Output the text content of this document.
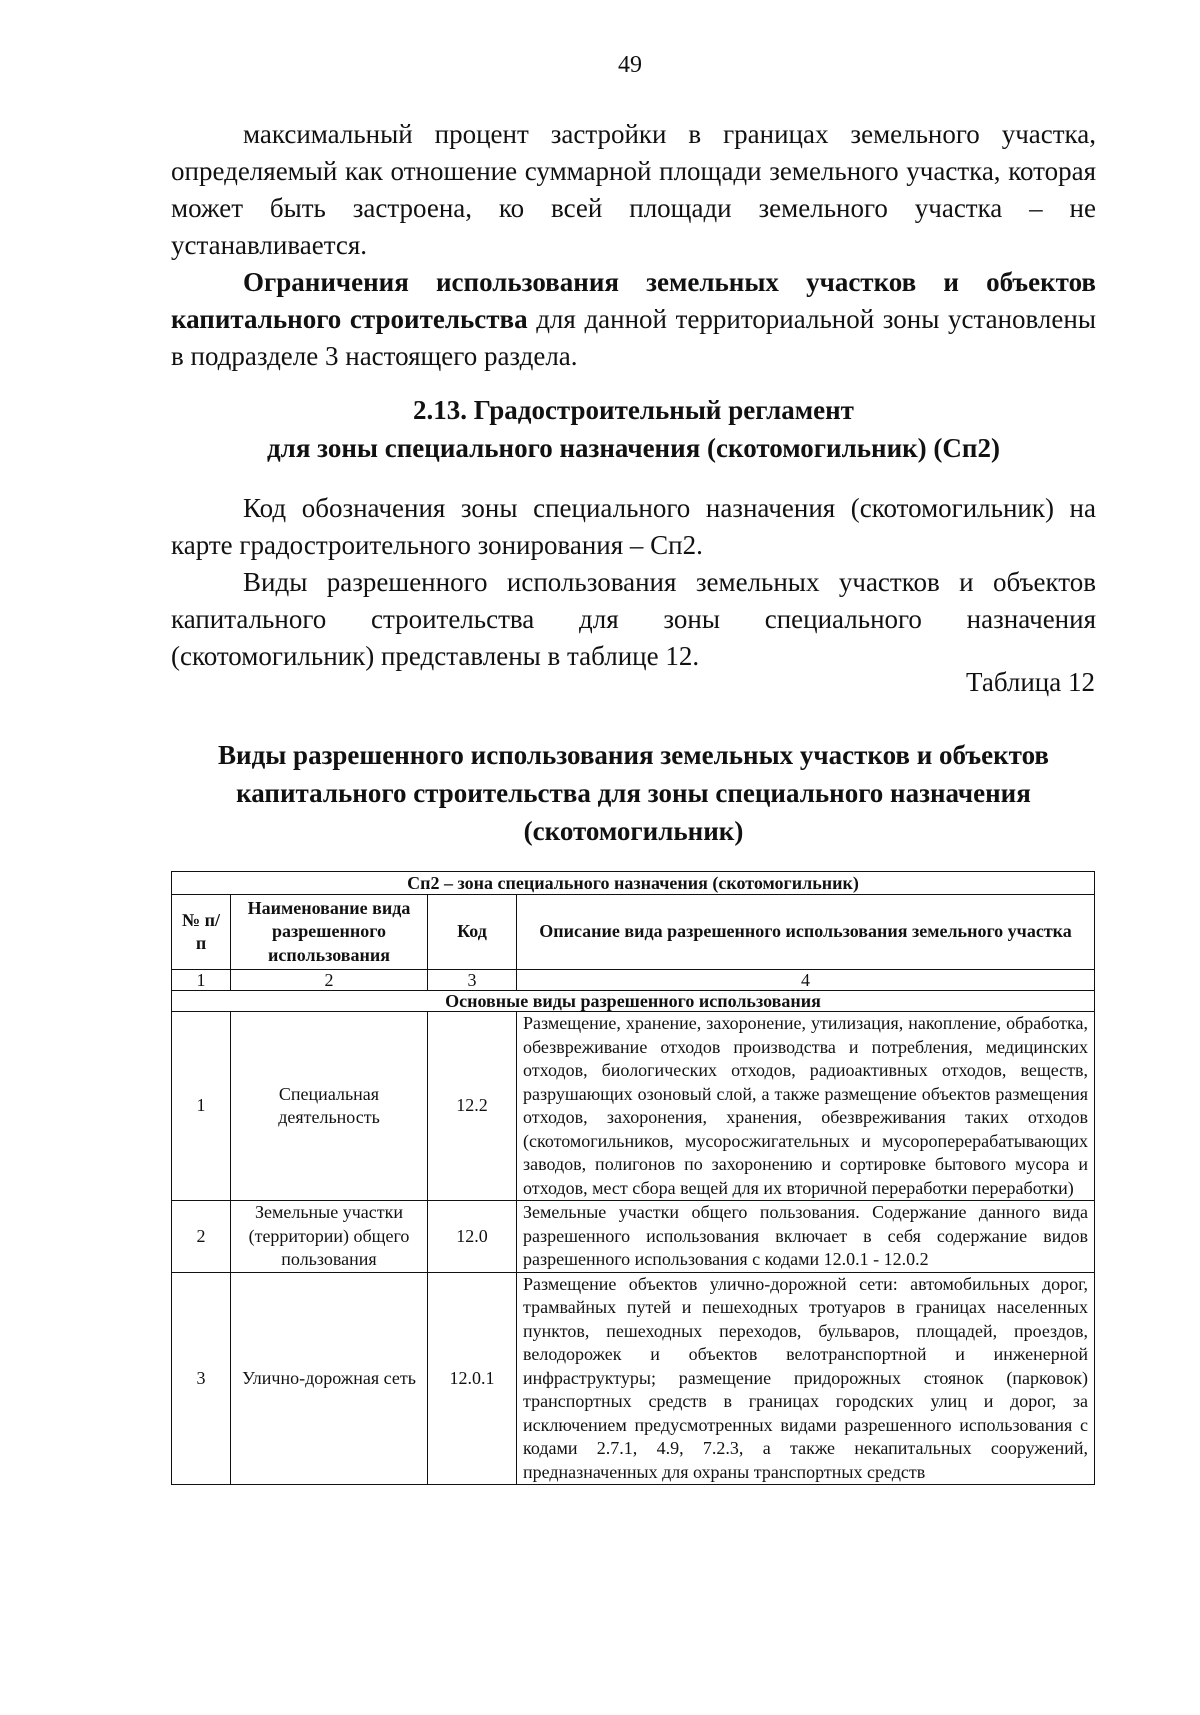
49

максимальный процент застройки в границах земельного участка, определяемый как отношение суммарной площади земельного участка, которая может быть застроена, ко всей площади земельного участка – не устанавливается.

Ограничения использования земельных участков и объектов капитального строительства для данной территориальной зоны установлены в подразделе 3 настоящего раздела.

2.13. Градостроительный регламент
для зоны специального назначения (скотомогильник) (Сп2)

Код обозначения зоны специального назначения (скотомогильник) на карте градостроительного зонирования – Сп2.

Виды разрешенного использования земельных участков и объектов капитального строительства для зоны специального назначения (скотомогильник) представлены в таблице 12.

Таблица 12
Виды разрешенного использования земельных участков и объектов
капитального строительства для зоны специального назначения
(скотомогильник)
Сп2 – зона специального назначения (скотомогильник)			
№ п/п	Наименование вида разрешенного использования	Код	Описание вида разрешенного использования земельного участка
1	2	3	4
Основные виды разрешенного использования			
1	Специальная деятельность	12.2	Размещение, хранение, захоронение, утилизация, накопление, обработка, обезвреживание отходов производства и потребления, медицинских отходов, биологических отходов, радиоактивных отходов, веществ, разрушающих озоновый слой, а также размещение объектов размещения отходов, захоронения, хранения, обезвреживания таких отходов (скотомогильников, мусоросжигательных и мусороперерабатывающих заводов, полигонов по захоронению и сортировке бытового мусора и отходов, мест сбора вещей для их вторичной переработки переработки)
2	Земельные участки (территории) общего пользования	12.0	Земельные участки общего пользования. Содержание данного вида разрешенного использования включает в себя содержание видов разрешенного использования с кодами 12.0.1 - 12.0.2
3	Улично-дорожная сеть	12.0.1	Размещение объектов улично-дорожной сети: автомобильных дорог, трамвайных путей и пешеходных тротуаров в границах населенных пунктов, пешеходных переходов, бульваров, площадей, проездов, велодорожек и объектов велотранспортной и инженерной инфраструктуры; размещение придорожных стоянок (парковок) транспортных средств в границах городских улиц и дорог, за исключением предусмотренных видами разрешенного использования с кодами 2.7.1, 4.9, 7.2.3, а также некапитальных сооружений, предназначенных для охраны транспортных средств
